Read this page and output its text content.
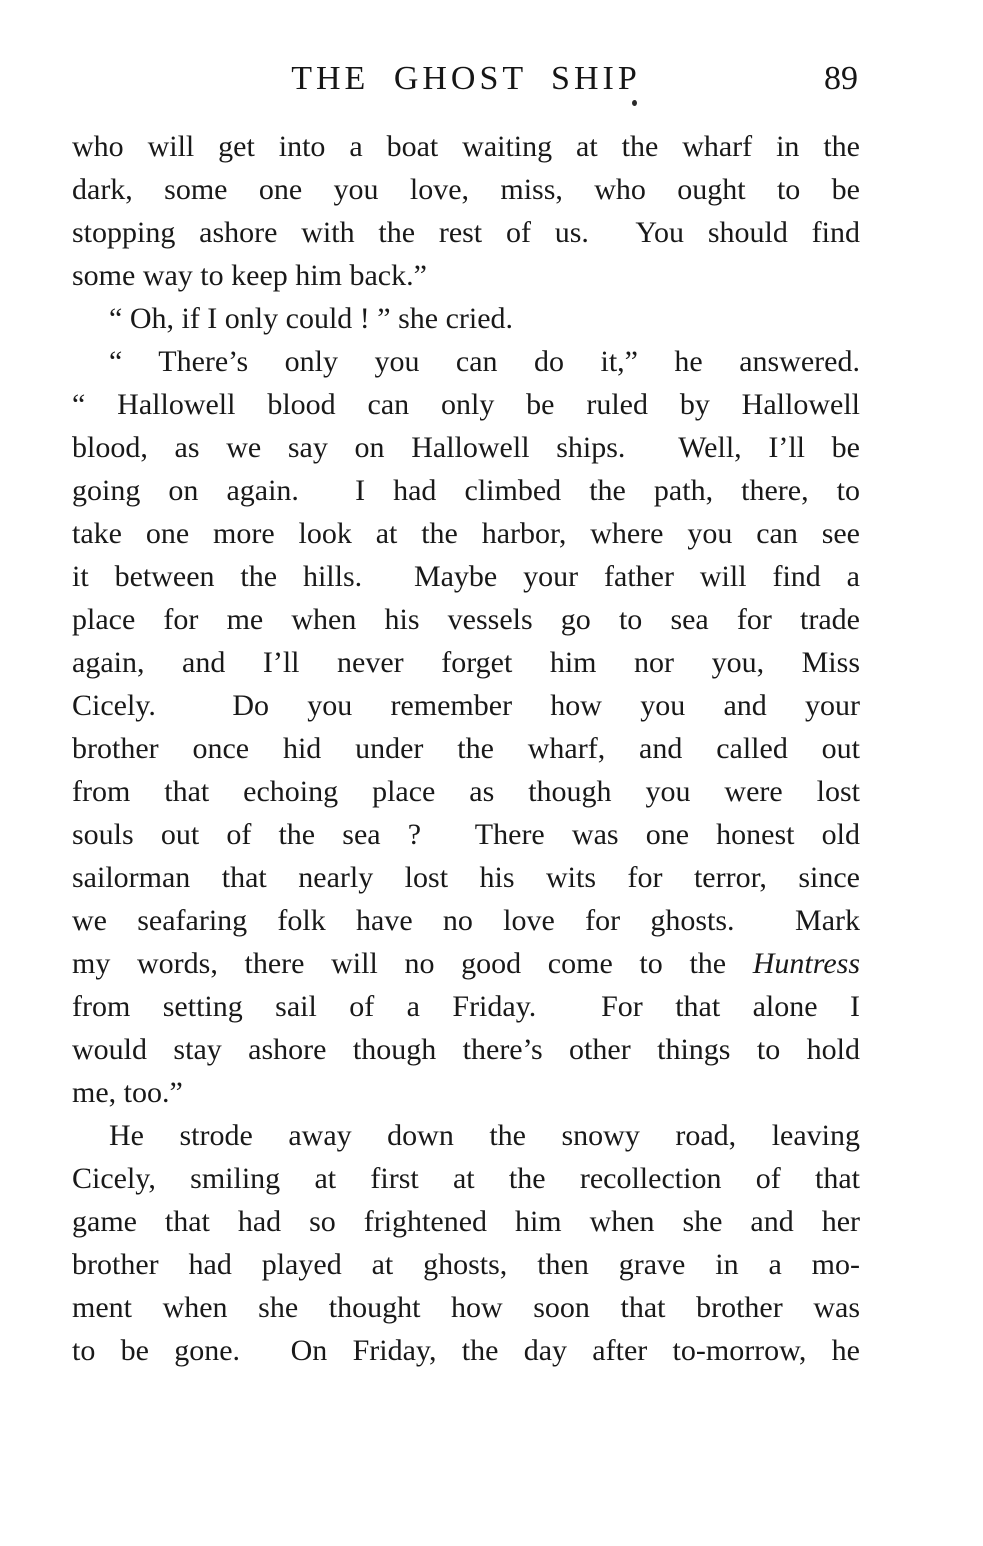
THE GHOST SHIP	89
who will get into a boat waiting at the wharf in the
dark, some one you love, miss, who ought to be
stopping ashore with the rest of us.  You should find
some way to keep him back.”
“ Oh, if I only could ! ” she cried.
“ There’s only you can do it,” he answered.
“ Hallowell blood can only be ruled by Hallowell
blood, as we say on Hallowell ships.  Well, I’ll be
going on again.  I had climbed the path, there, to
take one more look at the harbor, where you can see
it between the hills.  Maybe your father will find a
place for me when his vessels go to sea for trade
again, and I’ll never forget him nor you, Miss
Cicely.  Do you remember how you and your
brother once hid under the wharf, and called out
from that echoing place as though you were lost
souls out of the sea ?  There was one honest old
sailorman that nearly lost his wits for terror, since
we seafaring folk have no love for ghosts.  Mark
my words, there will no good come to the Huntress
from setting sail of a Friday.  For that alone I
would stay ashore though there’s other things to hold
me, too.”
He strode away down the snowy road, leaving
Cicely, smiling at first at the recollection of that
game that had so frightened him when she and her
brother had played at ghosts, then grave in a mo-
ment when she thought how soon that brother was
to be gone.  On Friday, the day after to-morrow, he
